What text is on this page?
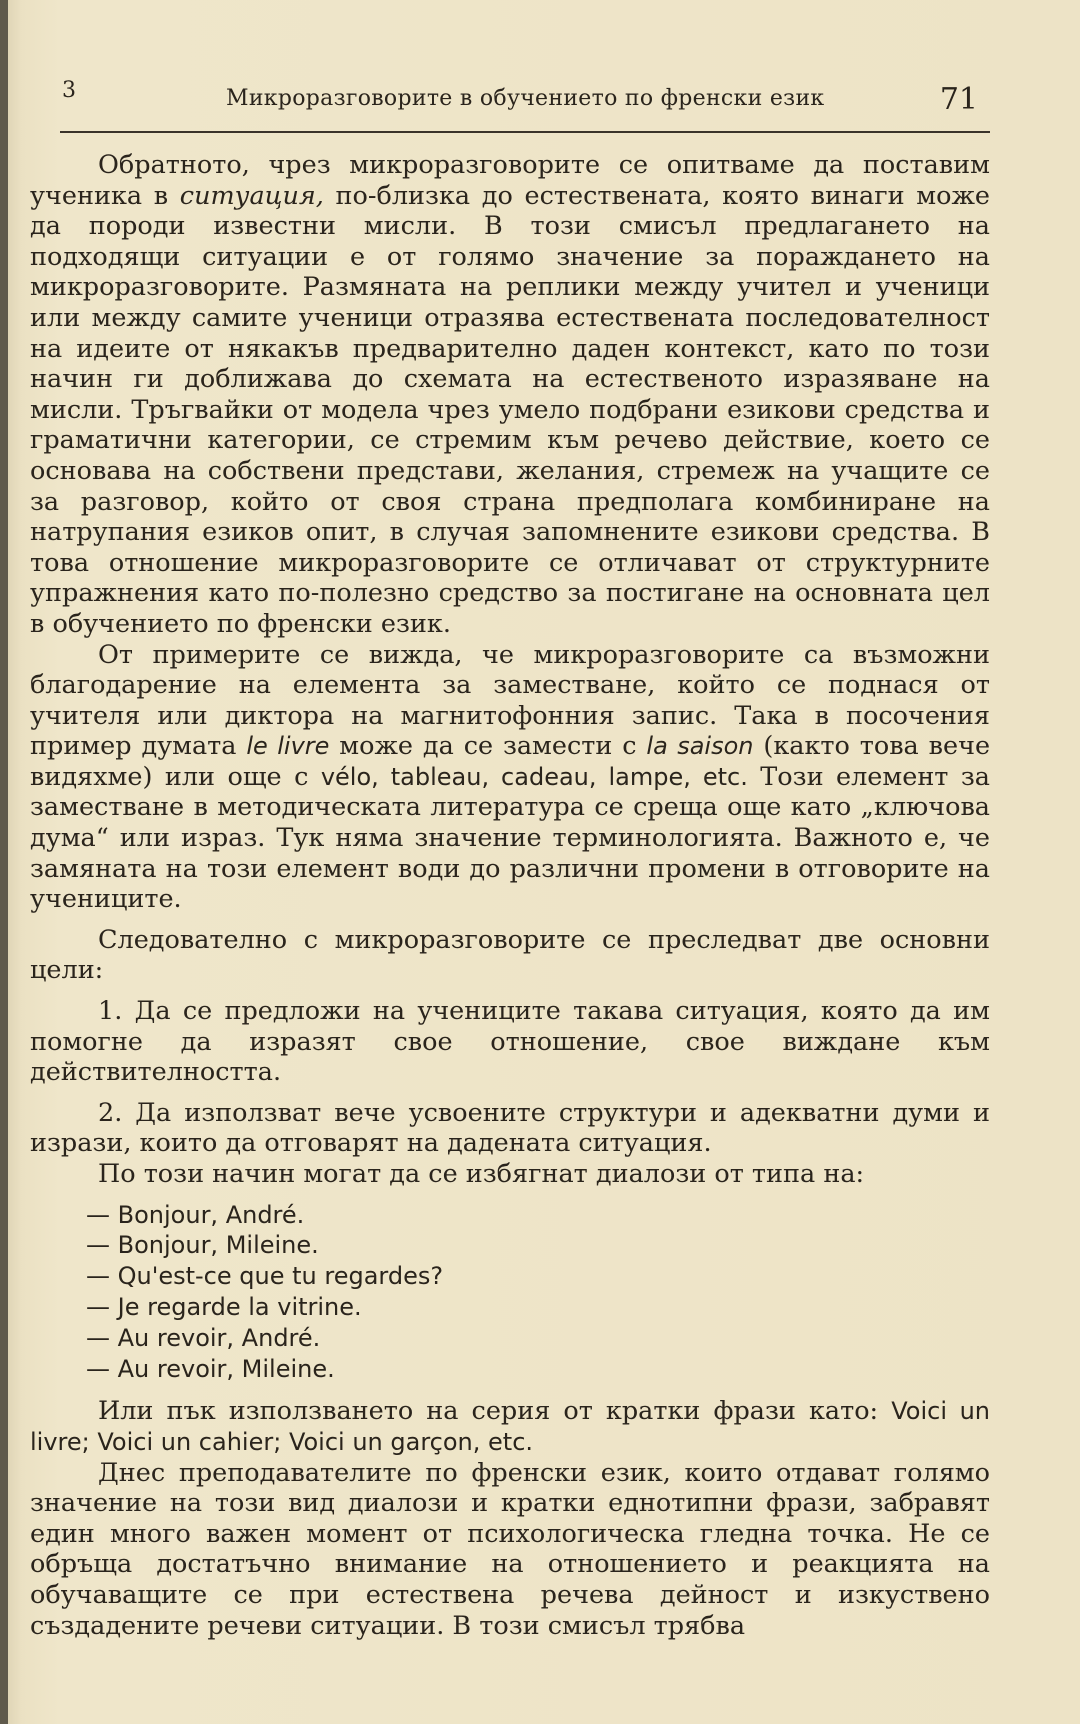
3	Микроразговорите в обучението по френски език	71

Обратното, чрез микроразговорите се опитваме да поставим ученика в ситуация, по-близка до естествената, която винаги може да породи известни мисли. В този смисъл предлагането на подходящи ситуации е от голямо значение за пораждането на микроразговорите. Размяната на реплики между учител и ученици или между самите ученици отразява естествената последователност на идеите от някакъв предварително даден контекст, като по този начин ги доближава до схемата на естественото изразяване на мисли. Тръгвайки от модела чрез умело подбрани езикови средства и граматични категории, се стремим към речево действие, което се основава на собствени представи, желания, стремеж на учащите се за разговор, който от своя страна предполага комбиниране на натрупания езиков опит, в случая запомнените езикови средства. В това отношение микроразговорите се отличават от структурните упражнения като по-полезно средство за постигане на основната цел в обучението по френски език.

От примерите се вижда, че микроразговорите са възможни благодарение на елемента за заместване, който се поднася от учителя или диктора на магнитофонния запис. Така в посочения пример думата le livre може да се замести с la saison (както това вече видяхме) или още с vélo, tableau, cadeau, lampe, etc. Този елемент за заместване в методическата литература се среща още като „ключова дума“ или израз. Тук няма значение терминологията. Важното е, че замяната на този елемент води до различни промени в отговорите на учениците.

Следователно с микроразговорите се преследват две основни цели:

1. Да се предложи на учениците такава ситуация, която да им помогне да изразят свое отношение, свое виждане към действителността.

2. Да използват вече усвоените структури и адекватни думи и изрази, които да отговарят на дадената ситуация.

По този начин могат да се избягнат диалози от типа на:

— Bonjour, André.
— Bonjour, Mileine.
— Qu'est-ce que tu regardes?
— Je regarde la vitrine.
— Au revoir, André.
— Au revoir, Mileine.

Или пък използването на серия от кратки фрази като: Voici un livre; Voici un cahier; Voici un garçon, etc.

Днес преподавателите по френски език, които отдават голямо значение на този вид диалози и кратки еднотипни фрази, забравят един много важен момент от психологическа гледна точка. Не се обръща достатъчно внимание на отношението и реакцията на обучаващите се при естествена речева дейност и изкуствено създадените речеви ситуации. В този смисъл трябва
